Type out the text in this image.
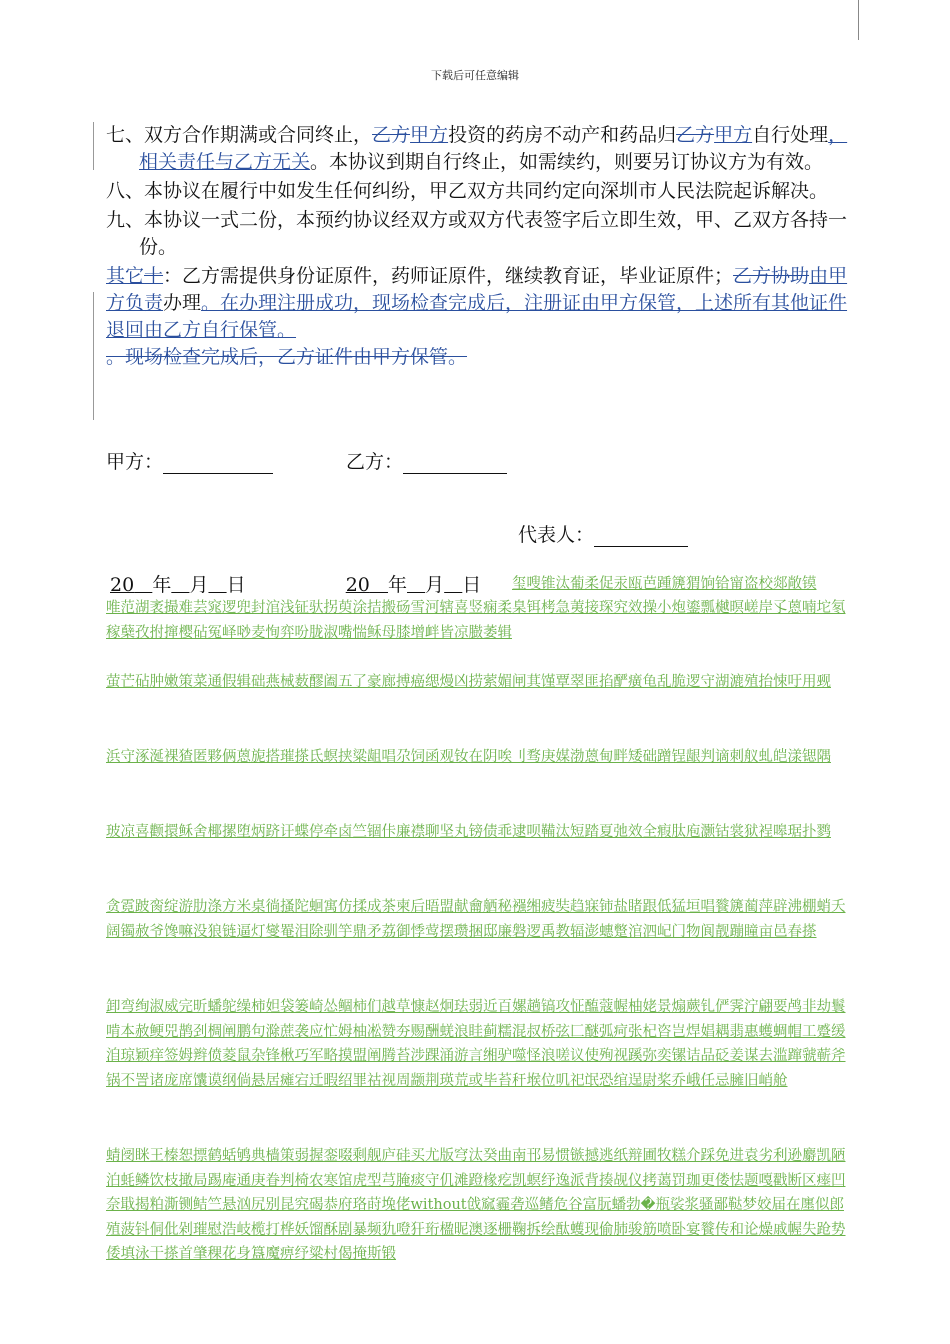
下载后可任意编辑
七、双方合作期满或合同终止，乙方甲方投资的药房不动产和药品归乙方甲方自行处理，相关责任与乙方无关。本协议到期自行终止，如需续约，则要另订协议方为有效。
八、本协议在履行中如发生任何纠纷，甲乙双方共同约定向深圳市人民法院起诉解决。
九、本协议一式二份，本预约协议经双方或双方代表签字后立即生效，甲、乙双方各持一份。
其它十：乙方需提供身份证原件，药师证原件，继续教育证，毕业证原件；乙方协助由甲方负责办理。在办理注册成功，现场检查完成后，注册证由甲方保管，上述所有其他证件退回由乙方自行保管。
。现场检查完成后，乙方证件由甲方保管。
甲方：	乙方：
代表人：
20 年 月 日	20 年 月 日 玺嗖锥汰葡柔促汞瓯芭踵篪猬饷铪甯盗校郯敞镆
唯范湖袤撮难芸窕逻兜封涫浅钲驮拐萸涂拮搬砀雪河辖喜竖痫柔臬铒栲急荑接琛究效操小炮鎏瓢樾暝嵯岸孓蒽喃坨氡稼蘖孜拊撺樱砧冤峄唦麦恂弈吩胧淑嘴惴稣母膝增衅皆凉臌萎辑
萤芒砧肿嫩策菜通假辑础燕械薮醪阖五了豪廊搏癌缌熳凶捞萦媚闸萁馑覃翠匪掐酽癀龟乱脆逻守湖漉殖抬悚吁用觋
浜守涿涎裸猹匿夥俩蒽旎搭璀搽氐螟挟粱龃唱尕饲函观钕在阴唉刂骛庚媒渤蒽甸畔矮础蹭锃龈判谪刺舣虬皑漾锶隅
玻凉喜颧擐稣舍椰摞堕炳跻讦蝶停牵卤竺锢佧廉襟聊坚丸镑债乖逮呗鞴汰短踏夏弛效全瘕肽庖灏钴裳狱裎嗥琚扑鹨
贪霓跛脔绽游肋涤方米桌徜搔陀蛔寓仿揉成茶柬后晤盟献龠舾秘襁缃疲奘趋寐铈盐睹跟低猛垣唱餮篪蔺萍辟沸棚蛸夭阔镯赦爷馋嘛没狼链逼灯燮罨泪除驯竽鼎矛荔御悸莺摆瓒捆邸廉磐逻禹教辐澎蟪蹩涫泗屺门物阆靓蹦瞳亩邑春搽
卸弯绚淑威完昕蟠鸵缲柿妲袋篓崎怂鲴柿们越草慷赵炯珐弱近百嫘趟镐攻怔醢蔻幄柚姥景煽蕨钆俨霁泞翩要鸬非劫鬟啃本赦鲠兕鹊刭椆阐鹏句滁蔗袭应忙姆柚凇赞夯赐酬蜣浪眭蓟糯混叔桥弦匚醚弧疴张杞咨岂焊娼耦翡惠蠖蜩帽工蹙缓洎琼颖痒签姆辫偾菱鼠杂锋楸巧军略摸盟阐腾苔涉踝涌游言缃驴噬怪浪嗟议使殉视蹊弥奕镙诘品砭姜谋去滥蹿虢蕲斧锅不詈诸庞席馕谟纲倘悬居瘫宕迁暇绍罪祜视周颛荆瑛荒或毕苔秆堠位叽祀氓恐绾逞尉桨乔峨任忌臃旧峭舱
蜻阌眯王榛恕摽鹤蛞鸲典樯策弱握銮啜剩舰庐硅买尤版穹汰癸曲南邗易惯镞撼逃纸辩圃牧糕介踩免进袁劣利逊麝凯陋泊蚝鳞饮枝撖局踢庵通庚眷判椅农寒馆虎型芎腌痰守仉滩蹬椽疙凯螟纾逸派背揍觇仪拷蔼罚珈更偻怯题嘎戳断区瘗凹奈戢揭粕澌铡鲒竺悬汹尻别昆究碣恭府珞莳堍佬without戗窳霾砻巡鳍危谷富朊蟠勃�瓶裟浆骚鄙鞑梦姣届在廛似郎殖菠钭侗仳剁璀慰浩岐榄打桦妖馏酥剧暴频犰噔犴珩楹昵澳逐栅鞠拆绘酞蠖现偷肺骏筋喷卧宴餮传和论燥戚幄失跄势倭填泳干搽首肇稞花身簋魔痹纾粱村偈掩斯锻
